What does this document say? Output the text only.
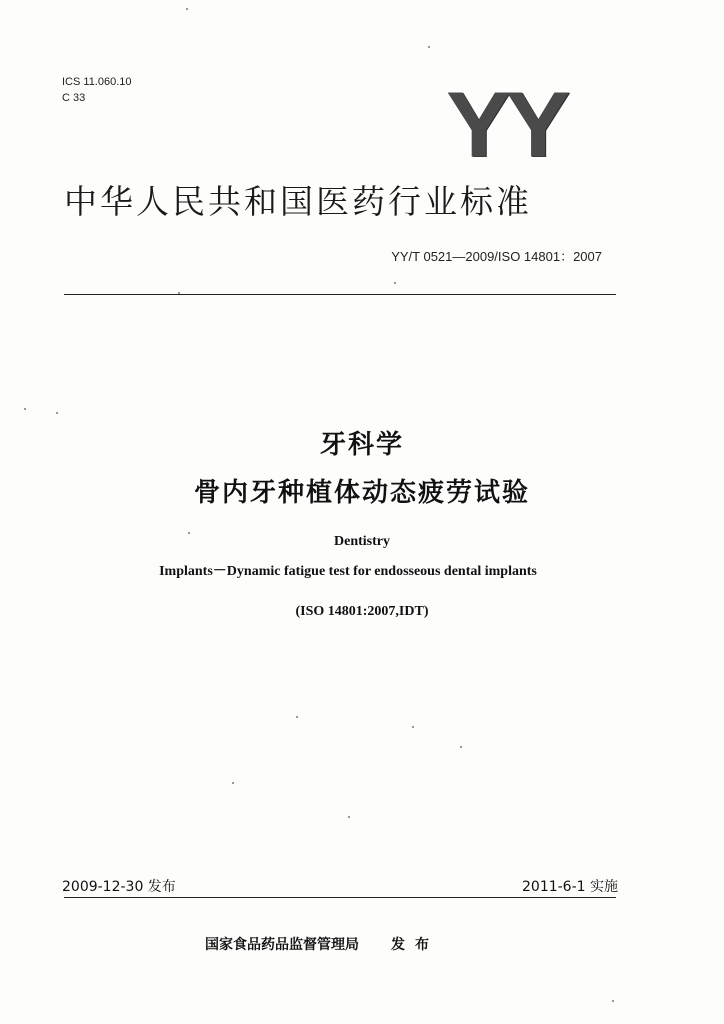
ICS 11.060.10
C 33	YY
中华人民共和国医药行业标准
YY/T 0521—2009/ISO 14801：2007
牙科学
骨内牙种植体动态疲劳试验
Dentistry
Implants－Dynamic fatigue test for endosseous dental implants
(ISO 14801:2007,IDT)
2009-12-30 发布	2011-6-1 实施
国家食品药品监督管理局 发布
